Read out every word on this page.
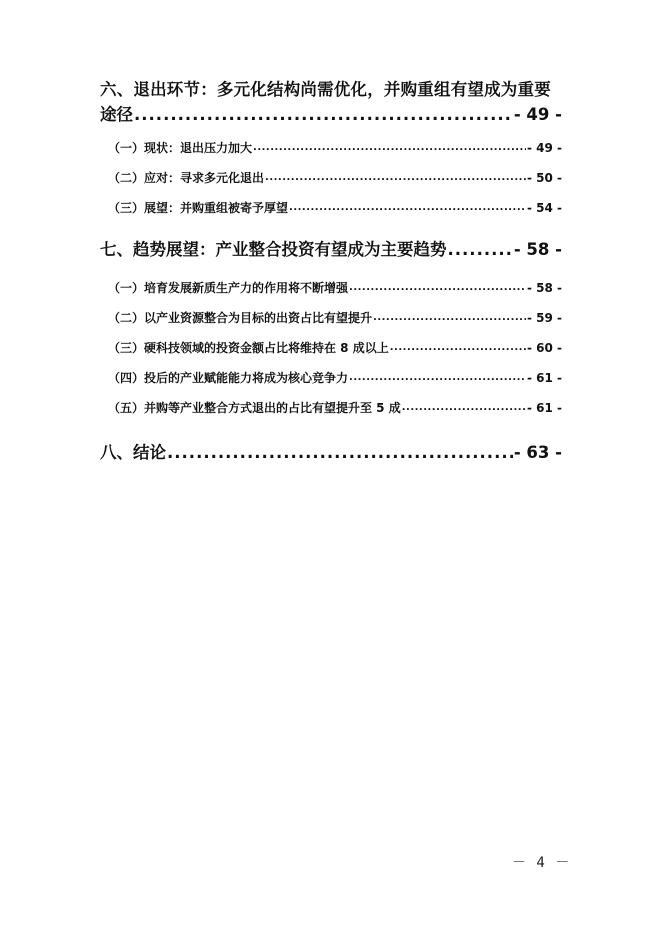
六、退出环节：多元化结构尚需优化，并购重组有望成为重要
途径 .....	- 49 -
（一）现状：退出压力加大 .....	- 49 -
（二）应对：寻求多元化退出 .....	- 50 -
（三）展望：并购重组被寄予厚望 .....	- 54 -
七、趋势展望：产业整合投资有望成为主要趋势 .....	- 58 -
（一）培育发展新质生产力的作用将不断增强 .....	- 58 -
（二）以产业资源整合为目标的出资占比有望提升 .....	- 59 -
（三）硬科技领域的投资金额占比将维持在 8 成以上 .....	- 60 -
（四）投后的产业赋能能力将成为核心竞争力 .....	- 61 -
（五）并购等产业整合方式退出的占比有望提升至 5 成 .....	- 61 -
八、结论 .....	- 63 -
－ 4 －
